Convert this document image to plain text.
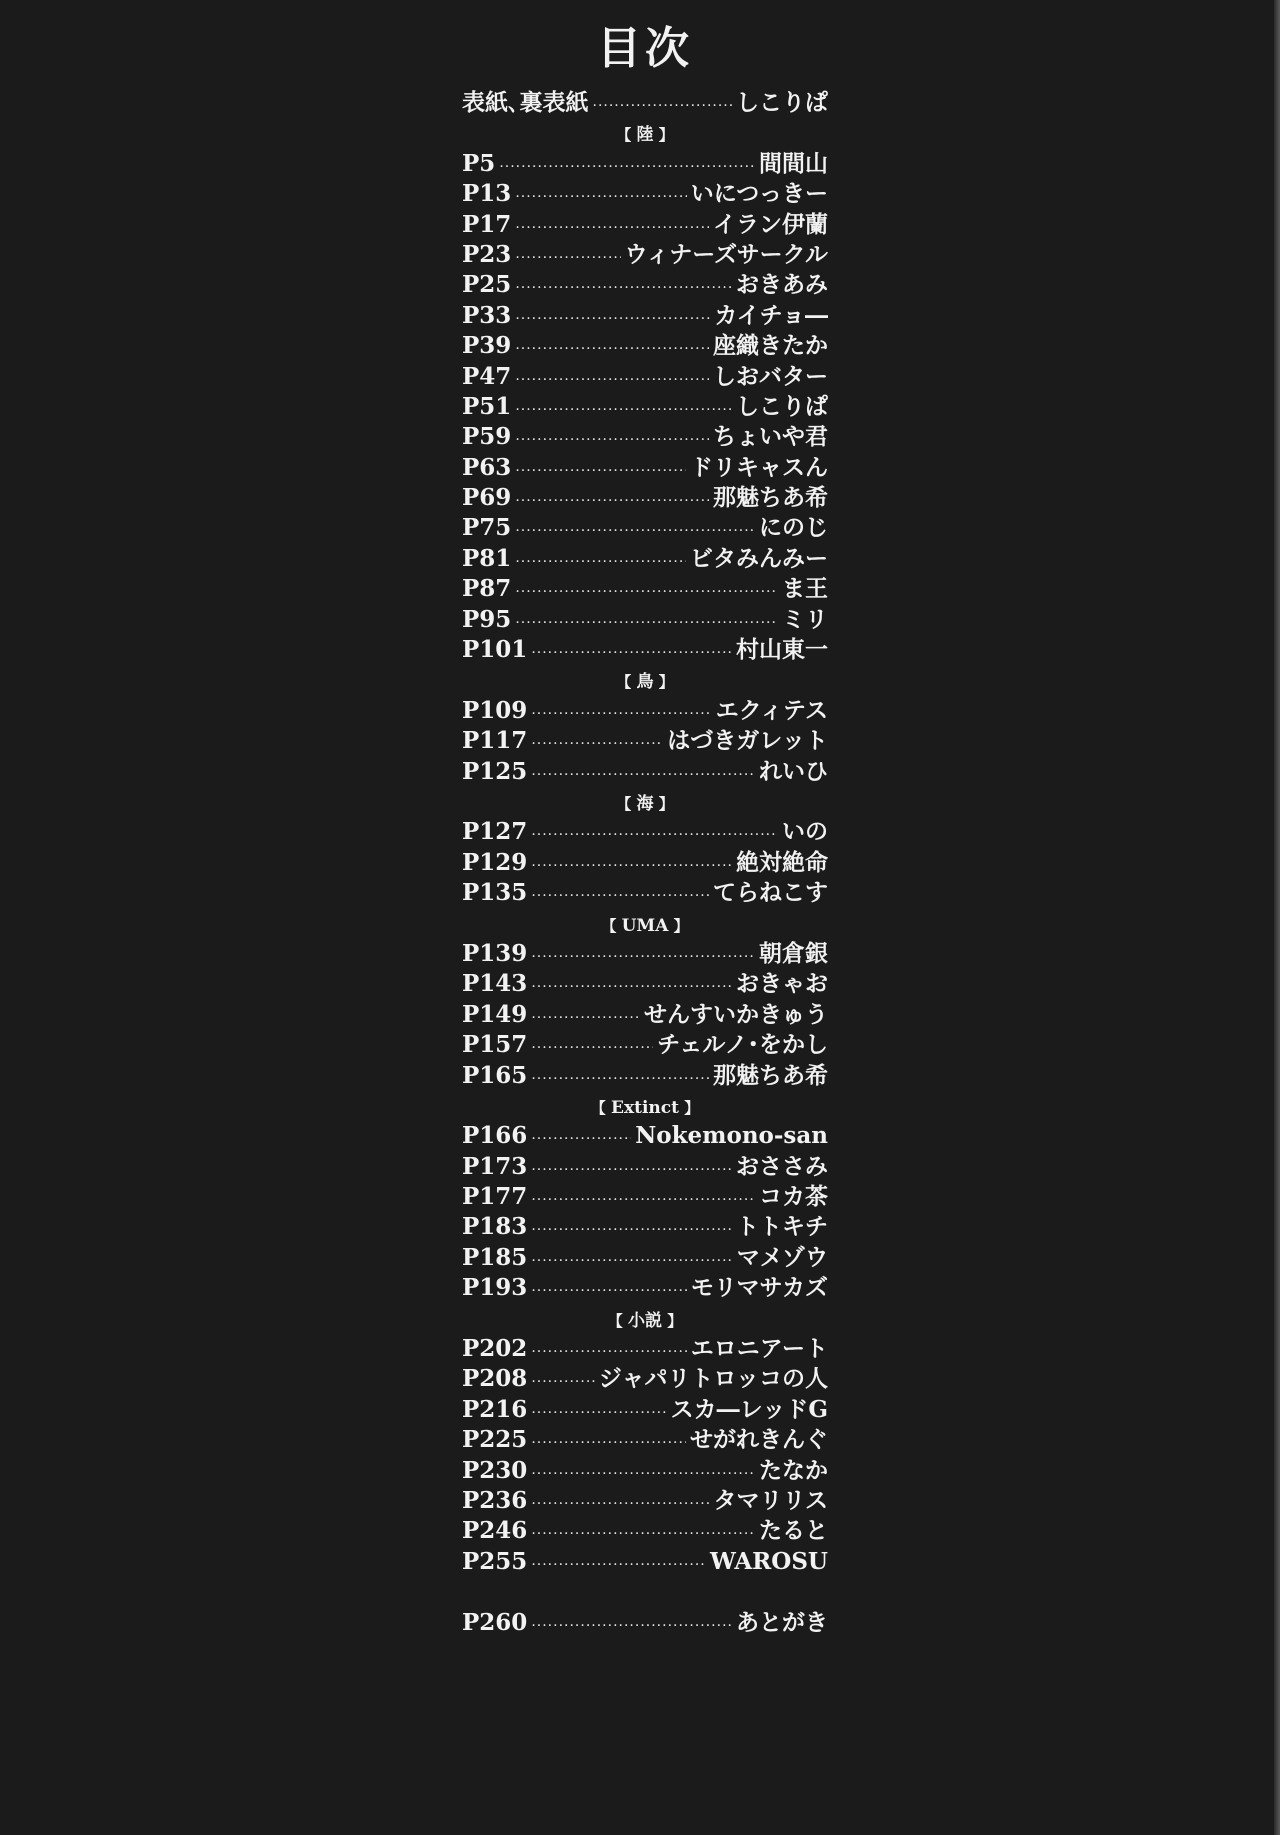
目次
表紙､裏表紙 ·····	しこりぱ
【 陸 】
P5 ·····	間間山
P13 ·····	いにつっきー
P17 ·····	イラン伊蘭
P23 ·····	ウィナーズサークル
P25 ·····	おきあみ
P33 ·····	カイチョ―
P39 ·····	座織きたか
P47 ·····	しおバター
P51 ·····	しこりぱ
P59 ·····	ちょいや君
P63 ·····	ドリキャスん
P69 ·····	那魅ちあ希
P75 ·····	にのじ
P81 ·····	ビタみんみー
P87 ·····	ま王
P95 ·····	ミリ
P101 ·····	村山東一
【 鳥 】
P109 ·····	エクィテス
P117 ·····	はづきガレット
P125 ·····	れいひ
【 海 】
P127 ·····	いの
P129 ·····	絶対絶命
P135 ·····	てらねこす
【 UMA 】
P139 ·····	朝倉銀
P143 ·····	おきゃお
P149 ·····	せんすいかきゅう
P157 ·····	チェルノ･をかし
P165 ·····	那魅ちあ希
【 Extinct 】
P166 ·····	Nokemono-san
P173 ·····	おささみ
P177 ·····	コカ茶
P183 ·····	トトキチ
P185 ·····	マメゾウ
P193 ·····	モリマサカズ
【 小説 】
P202 ·····	エロニアート
P208 ·····	ジャパリトロッコの人
P216 ·····	スカ―レッドG
P225 ·····	せがれきんぐ
P230 ·····	たなか
P236 ·····	タマリリス
P246 ·····	たると
P255 ·····	WAROSU
P260 ·····	あとがき
